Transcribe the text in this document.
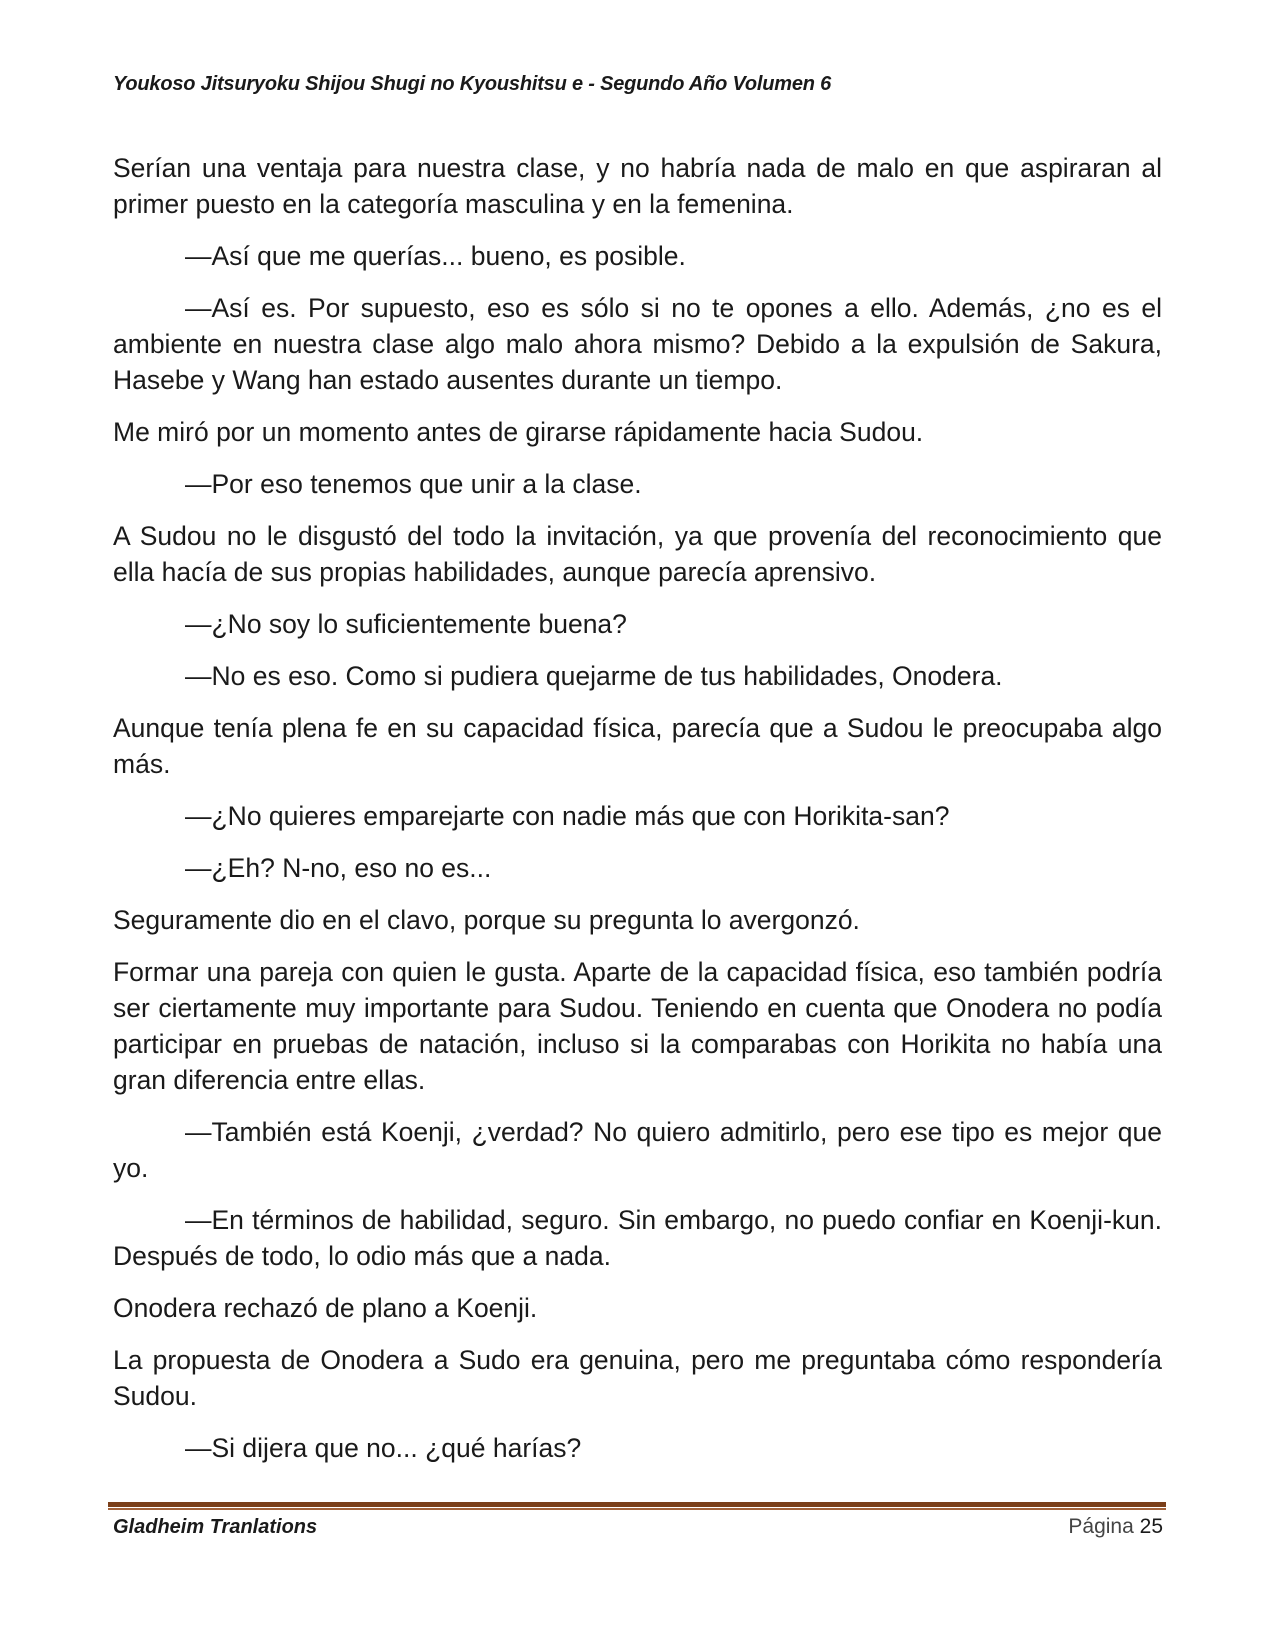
Youkoso Jitsuryoku Shijou Shugi no Kyoushitsu e - Segundo Año Volumen 6

Serían una ventaja para nuestra clase, y no habría nada de malo en que aspiraran al primer puesto en la categoría masculina y en la femenina.

—Así que me querías... bueno, es posible.

—Así es. Por supuesto, eso es sólo si no te opones a ello. Además, ¿no es el ambiente en nuestra clase algo malo ahora mismo? Debido a la expulsión de Sakura, Hasebe y Wang han estado ausentes durante un tiempo.

Me miró por un momento antes de girarse rápidamente hacia Sudou.

—Por eso tenemos que unir a la clase.

A Sudou no le disgustó del todo la invitación, ya que provenía del reconocimiento que ella hacía de sus propias habilidades, aunque parecía aprensivo.

—¿No soy lo suficientemente buena?

—No es eso. Como si pudiera quejarme de tus habilidades, Onodera.

Aunque tenía plena fe en su capacidad física, parecía que a Sudou le preocupaba algo más.

—¿No quieres emparejarte con nadie más que con Horikita-san?

—¿Eh? N-no, eso no es...

Seguramente dio en el clavo, porque su pregunta lo avergonzó.

Formar una pareja con quien le gusta. Aparte de la capacidad física, eso también podría ser ciertamente muy importante para Sudou. Teniendo en cuenta que Onodera no podía participar en pruebas de natación, incluso si la comparabas con Horikita no había una gran diferencia entre ellas.

—También está Koenji, ¿verdad? No quiero admitirlo, pero ese tipo es mejor que yo.

—En términos de habilidad, seguro. Sin embargo, no puedo confiar en Koenji-kun. Después de todo, lo odio más que a nada.

Onodera rechazó de plano a Koenji.

La propuesta de Onodera a Sudo era genuina, pero me preguntaba cómo respondería Sudou.

—Si dijera que no... ¿qué harías?

Gladheim Tranlations	Página 25
